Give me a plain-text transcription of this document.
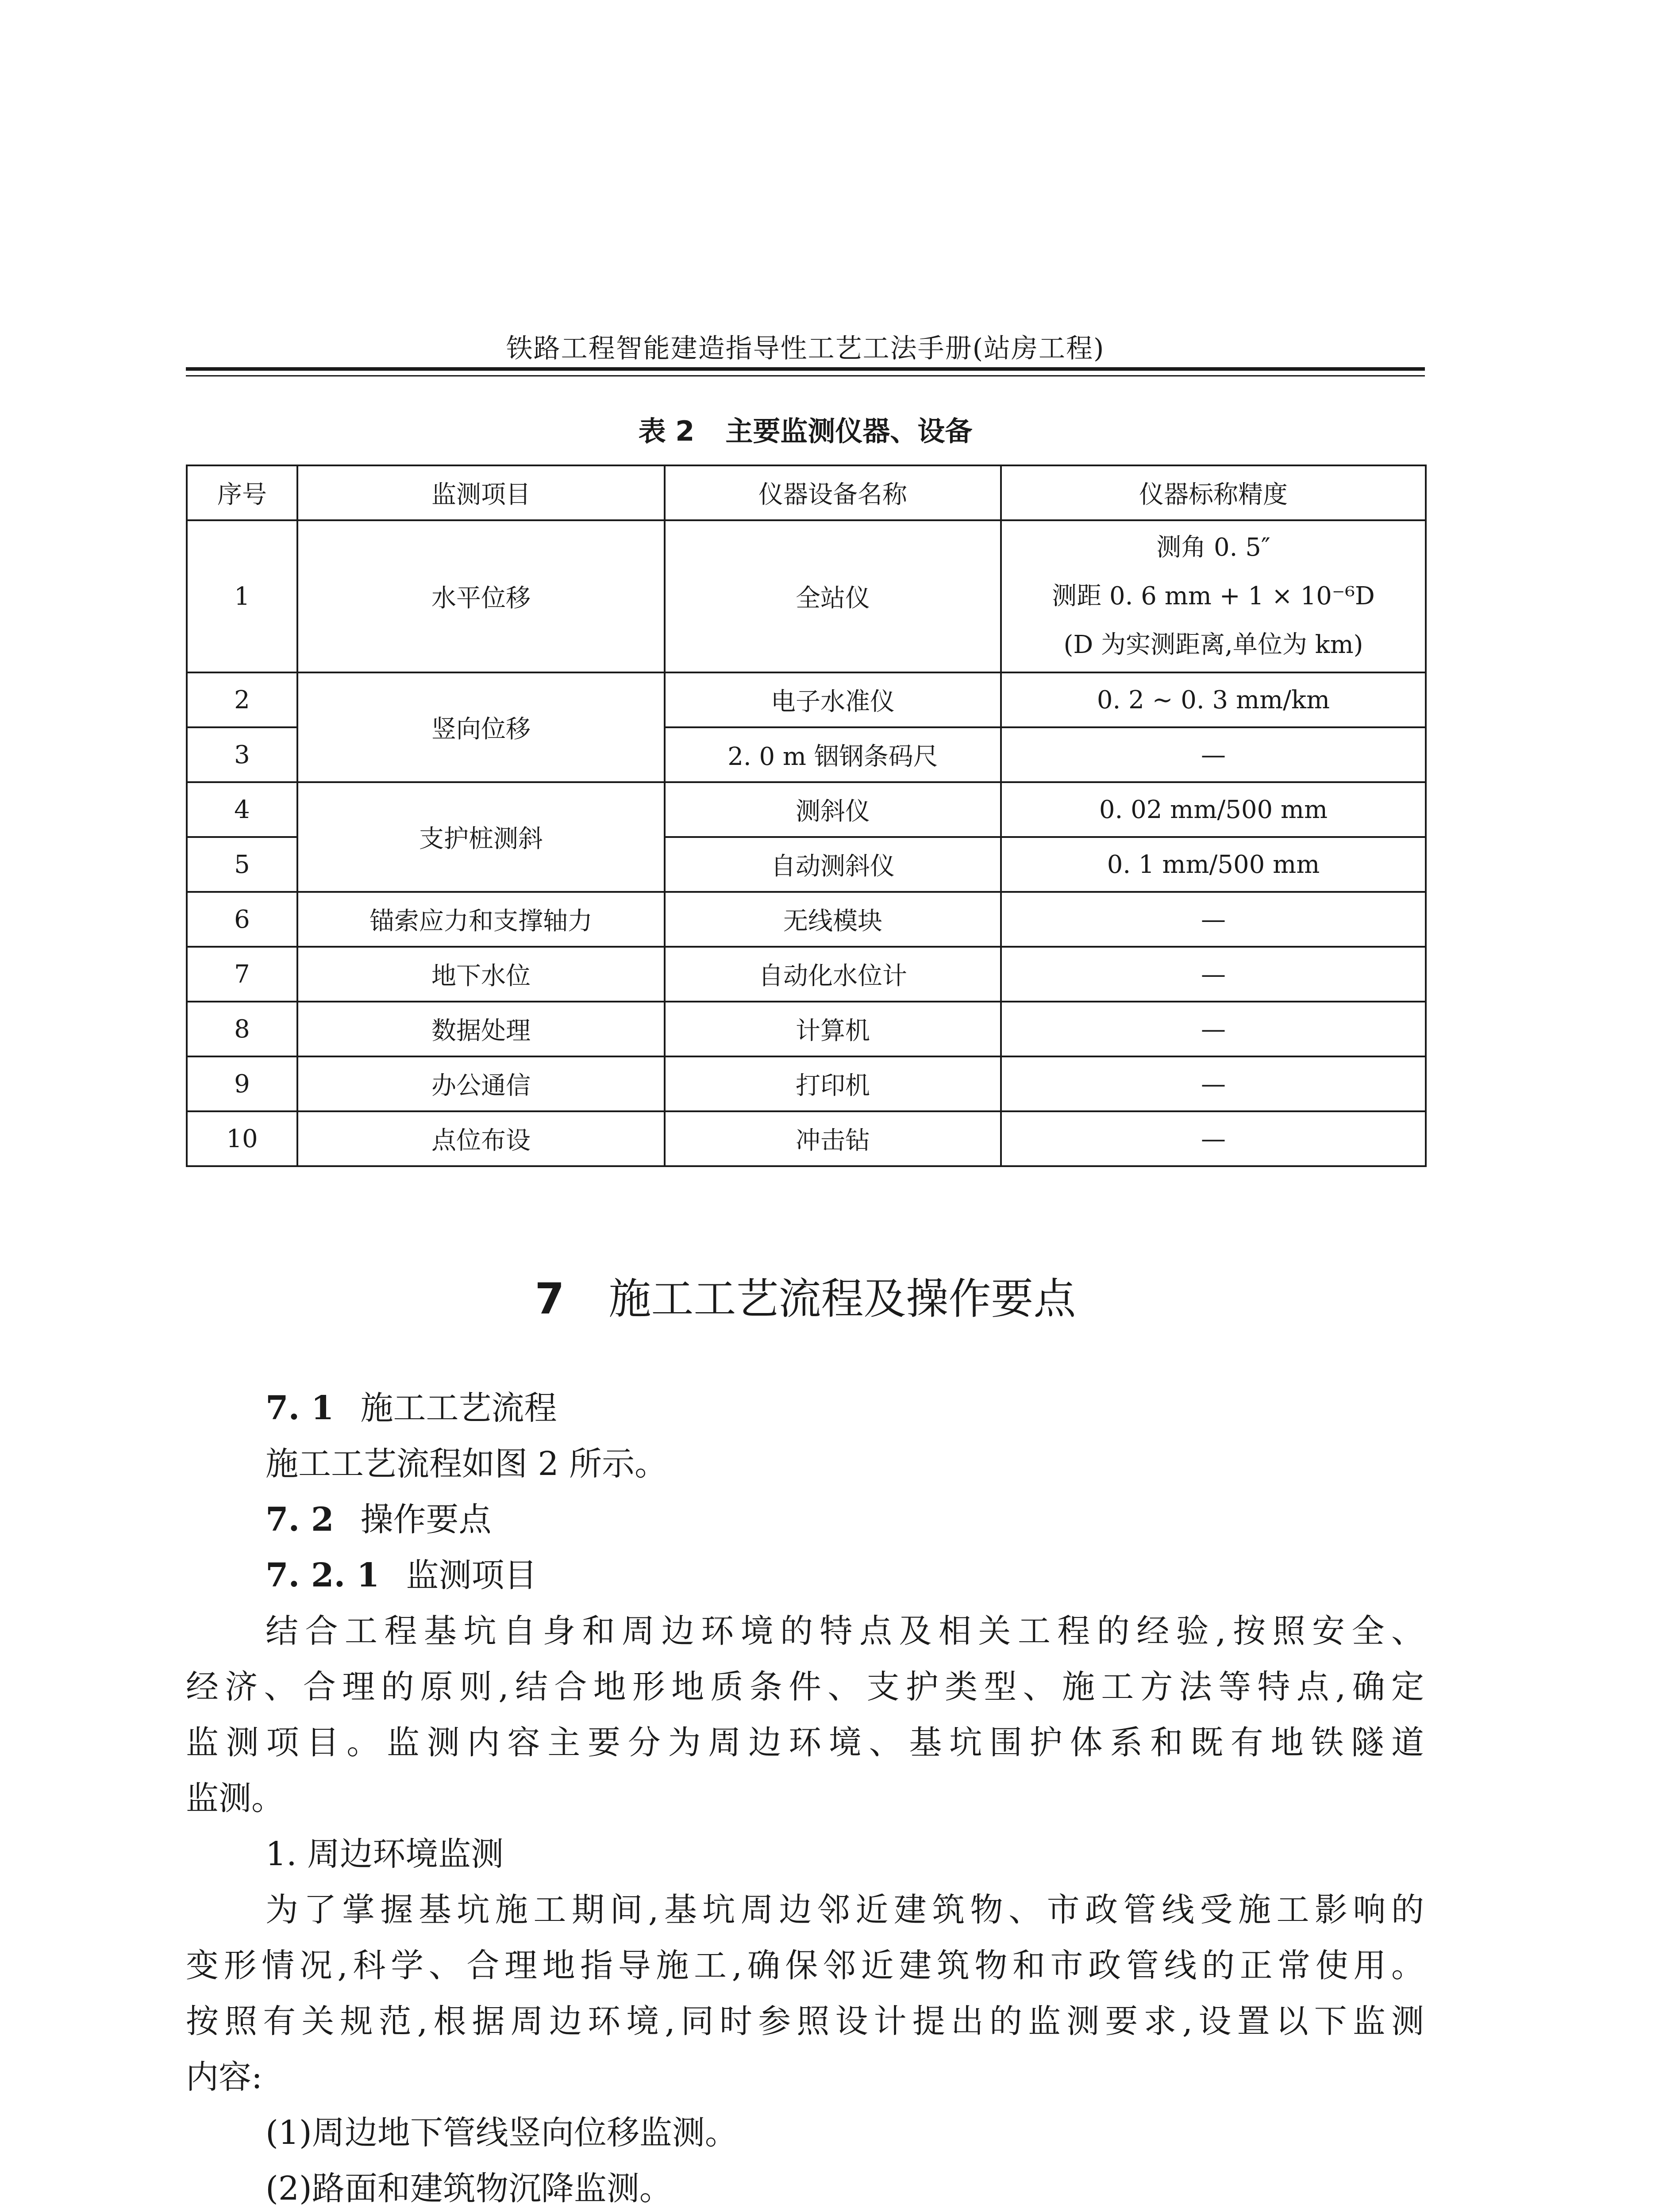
铁路工程智能建造指导性工艺工法手册(站房工程)
表 2 主要监测仪器、设备
序号	监测项目	仪器设备名称	仪器标称精度
1	水平位移	全站仪	测角 0. 5″
测距 0. 6 mm + 1 × 10⁻⁶D
(D 为实测距离,单位为 km)

2	竖向位移	电子水准仪	0. 2 ~ 0. 3 mm/km
3		2. 0 m 铟钢条码尺	—
4	支护桩测斜	测斜仪	0. 02 mm/500 mm
5		自动测斜仪	0. 1 mm/500 mm
6	锚索应力和支撑轴力	无线模块	—
7	地下水位	自动化水位计	—
8	数据处理	计算机	—
9	办公通信	打印机	—
10	点位布设	冲击钻	—
7 施工工艺流程及操作要点

7. 1 施工工艺流程

施工工艺流程如图 2 所示。

7. 2 操作要点

7. 2. 1 监测项目

结合工程基坑自身和周边环境的特点及相关工程的经验,按照安全、

经济、合理的原则,结合地形地质条件、支护类型、施工方法等特点,确定

监测项目。监测内容主要分为周边环境、基坑围护体系和既有地铁隧道

监测。

1. 周边环境监测

为了掌握基坑施工期间,基坑周边邻近建筑物、市政管线受施工影响的

变形情况,科学、合理地指导施工,确保邻近建筑物和市政管线的正常使用。

按照有关规范,根据周边环境,同时参照设计提出的监测要求,设置以下监测

内容:

(1)周边地下管线竖向位移监测。

(2)路面和建筑物沉降监测。
